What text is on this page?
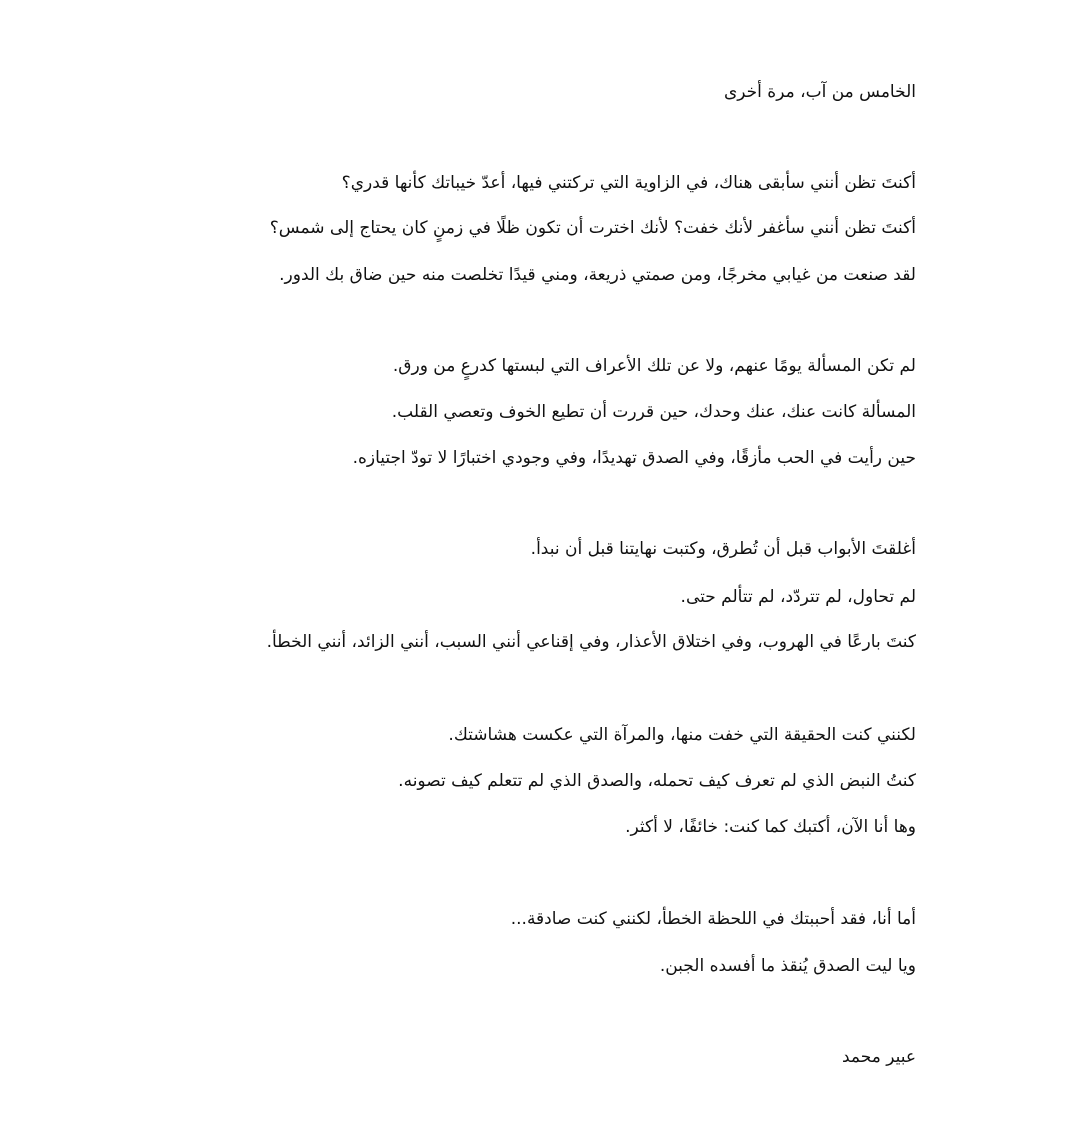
الخامس من آب، مرة أخرى
أكنتَ تظن أنني سأبقى هناك، في الزاوية التي تركتني فيها، أعدّ خيباتك كأنها قدري؟
أكنتَ تظن أنني سأغفر لأنك خفت؟ لأنك اخترت أن تكون ظلًا في زمنٍ كان يحتاج إلى شمس؟
لقد صنعت من غيابي مخرجًا، ومن صمتي ذريعة، ومني قيدًا تخلصت منه حين ضاق بك الدور.
لم تكن المسألة يومًا عنهم، ولا عن تلك الأعراف التي لبستها كدرعٍ من ورق.
المسألة كانت عنك، عنك وحدك، حين قررت أن تطيع الخوف وتعصي القلب.
حين رأيت في الحب مأزقًا، وفي الصدق تهديدًا، وفي وجودي اختبارًا لا تودّ اجتيازه.
أغلقتَ الأبواب قبل أن تُطرق، وكتبت نهايتنا قبل أن نبدأ.
لم تحاول، لم تتردّد، لم تتألم حتى.
كنتَ بارعًا في الهروب، وفي اختلاق الأعذار، وفي إقناعي أنني السبب، أنني الزائد، أنني الخطأ.
لكنني كنت الحقيقة التي خفت منها، والمرآة التي عكست هشاشتك.
كنتُ النبض الذي لم تعرف كيف تحمله، والصدق الذي لم تتعلم كيف تصونه.
وها أنا الآن، أكتبك كما كنت: خائفًا، لا أكثر.
أما أنا، فقد أحببتك في اللحظة الخطأ، لكنني كنت صادقة...
ويا ليت الصدق يُنقذ ما أفسده الجبن.
عبير محمد
